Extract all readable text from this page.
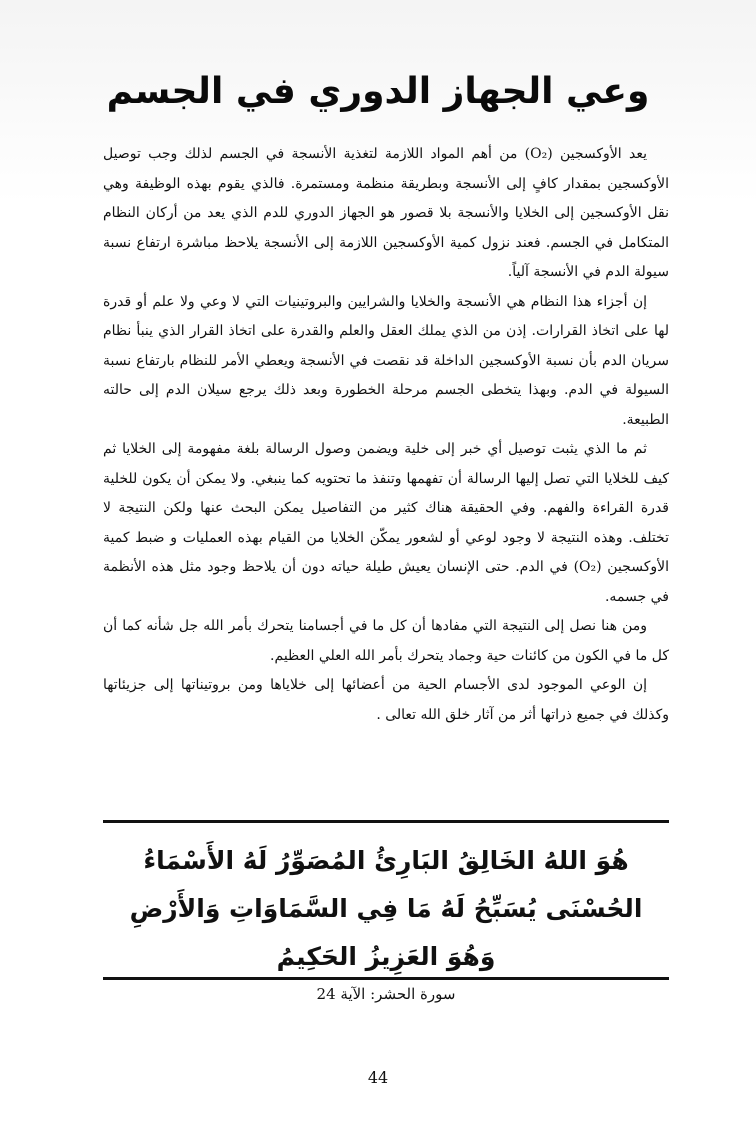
وعي الجهاز الدوري في الجسم

يعد الأوكسجين (O₂) من أهم المواد اللازمة لتغذية الأنسجة في الجسم لذلك وجب توصيل الأوكسجين بمقدار كافٍ إلى الأنسجة وبطريقة منظمة ومستمرة. فالذي يقوم بهذه الوظيفة وهي نقل الأوكسجين إلى الخلايا والأنسجة بلا قصور هو الجهاز الدوري للدم الذي يعد من أركان النظام المتكامل في الجسم. فعند نزول كمية الأوكسجين اللازمة إلى الأنسجة يلاحظ مباشرة ارتفاع نسبة سيولة الدم في الأنسجة آلياً.

إن أجزاء هذا النظام هي الأنسجة والخلايا والشرايين والبروتينيات التي لا وعي ولا علم أو قدرة لها على اتخاذ القرارات. إذن من الذي يملك العقل والعلم والقدرة على اتخاذ القرار الذي ينبأ نظام سريان الدم بأن نسبة الأوكسجين الداخلة قد نقصت في الأنسجة ويعطي الأمر للنظام بارتفاع نسبة السيولة في الدم. وبهذا يتخطى الجسم مرحلة الخطورة وبعد ذلك يرجع سيلان الدم إلى حالته الطبيعة.

ثم ما الذي يثبت توصيل أي خبر إلى خلية ويضمن وصول الرسالة بلغة مفهومة إلى الخلايا ثم كيف للخلايا التي تصل إليها الرسالة أن تفهمها وتنفذ ما تحتويه كما ينبغي. ولا يمكن أن يكون للخلية قدرة القراءة والفهم. وفي الحقيقة هناك كثير من التفاصيل يمكن البحث عنها ولكن النتيجة لا تختلف. وهذه النتيجة لا وجود لوعي أو لشعور يمكّن الخلايا من القيام بهذه العمليات و ضبط كمية الأوكسجين (O₂) في الدم. حتى الإنسان يعيش طيلة حياته دون أن يلاحظ وجود مثل هذه الأنظمة في جسمه.

ومن هنا نصل إلى النتيجة التي مفادها أن كل ما في أجسامنا يتحرك بأمر الله جل شأنه كما أن كل ما في الكون من كائنات حية وجماد يتحرك بأمر الله العلي العظيم.

إن الوعي الموجود لدى الأجسام الحية من أعضائها إلى خلاياها ومن بروتيناتها إلى جزيئاتها وكذلك في جميع ذراتها أثر من آثار خلق الله تعالى .

هُوَ اللهُ الخَالِقُ البَارِئُ المُصَوِّرُ لَهُ الأَسْمَاءُ الحُسْنَى يُسَبِّحُ لَهُ مَا فِي السَّمَاوَاتِ وَالأَرْضِ وَهُوَ العَزِيزُ الحَكِيمُ
سورة الحشر: الآية 24
44
